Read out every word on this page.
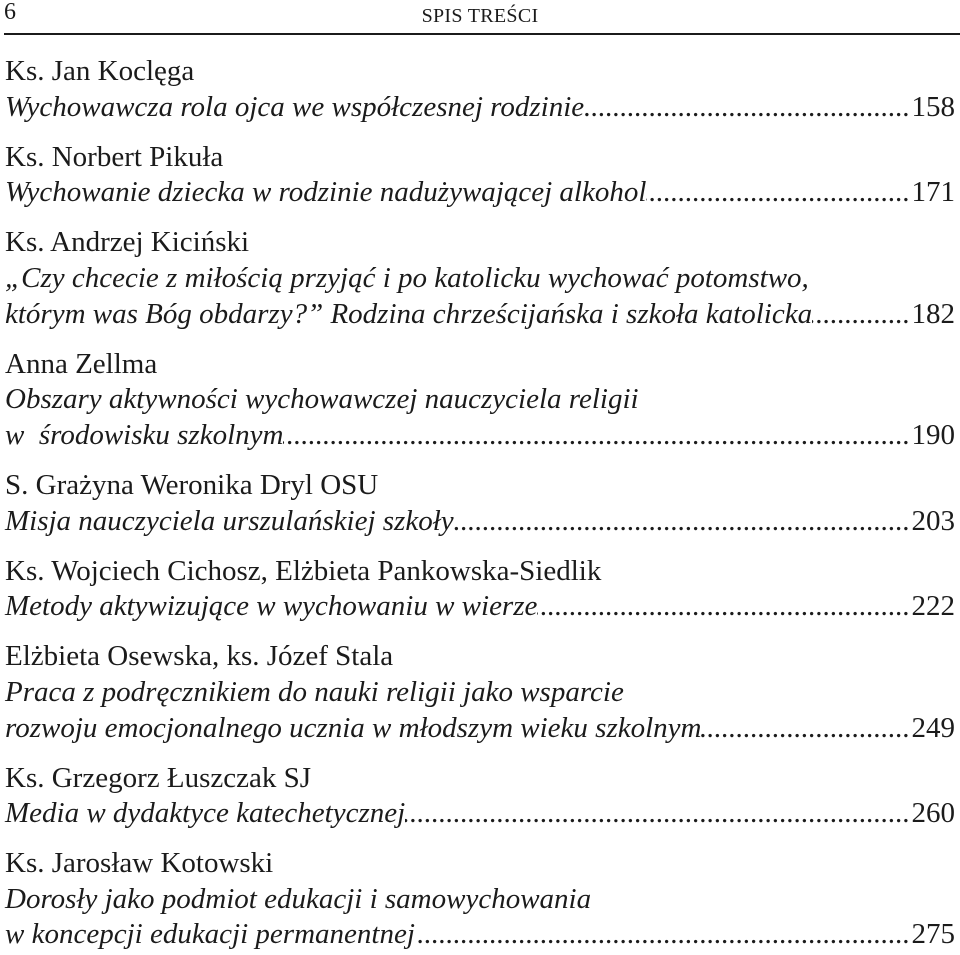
6	SPIS TREŚCI
Ks. Jan Koclęga
Wychowawcza rola ojca we współczesnej rodzinie .....	158
Ks. Norbert Pikuła
Wychowanie dziecka w rodzinie nadużywającej alkohol .....	171
Ks. Andrzej Kiciński
„Czy chcecie z miłością przyjąć i po katolicku wychować potomstwo,
którym was Bóg obdarzy?” Rodzina chrześcijańska i szkoła katolicka .....	182
Anna Zellma
Obszary aktywności wychowawczej nauczyciela religii
w  środowisku szkolnym .....	190
S. Grażyna Weronika Dryl OSU
Misja nauczyciela urszulańskiej szkoły .....	203
Ks. Wojciech Cichosz, Elżbieta Pankowska-Siedlik
Metody aktywizujące w wychowaniu w wierze .....	222
Elżbieta Osewska, ks. Józef Stala
Praca z podręcznikiem do nauki religii jako wsparcie
rozwoju emocjonalnego ucznia w młodszym wieku szkolnym .....	249
Ks. Grzegorz Łuszczak SJ
Media w dydaktyce katechetycznej .....	260
Ks. Jarosław Kotowski
Dorosły jako podmiot edukacji i samowychowania
w koncepcji edukacji permanentnej .....	275
